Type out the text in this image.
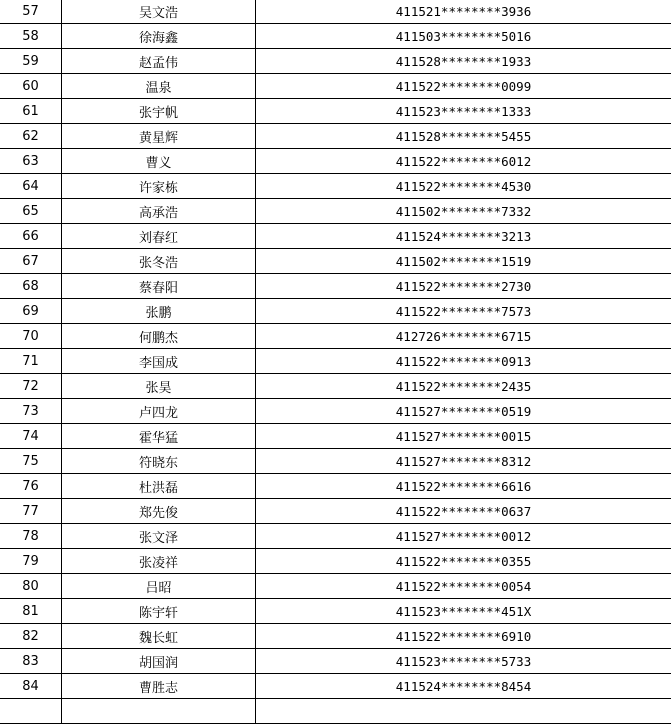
57	吴文浩	411521********3936	
58	徐海鑫	411503********5016	
59	赵孟伟	411528********1933	
60	温泉	411522********0099	
61	张宇帆	411523********1333	
62	黄星辉	411528********5455	
63	曹义	411522********6012	
64	许家栋	411522********4530	
65	高承浩	411502********7332	
66	刘春红	411524********3213	
67	张冬浩	411502********1519	
68	蔡春阳	411522********2730	
69	张鹏	411522********7573	
70	何鹏杰	412726********6715	
71	李国成	411522********0913	
72	张昊	411522********2435	
73	卢四龙	411527********0519	
74	霍华猛	411527********0015	
75	符晓东	411527********8312	
76	杜洪磊	411522********6616	
77	郑先俊	411522********0637	
78	张文泽	411527********0012	
79	张凌祥	411522********0355	
80	吕昭	411522********0054	
81	陈宇轩	411523********451X	
82	魏长虹	411522********6910	
83	胡国润	411523********5733	
84	曹胜志	411524********8454	
